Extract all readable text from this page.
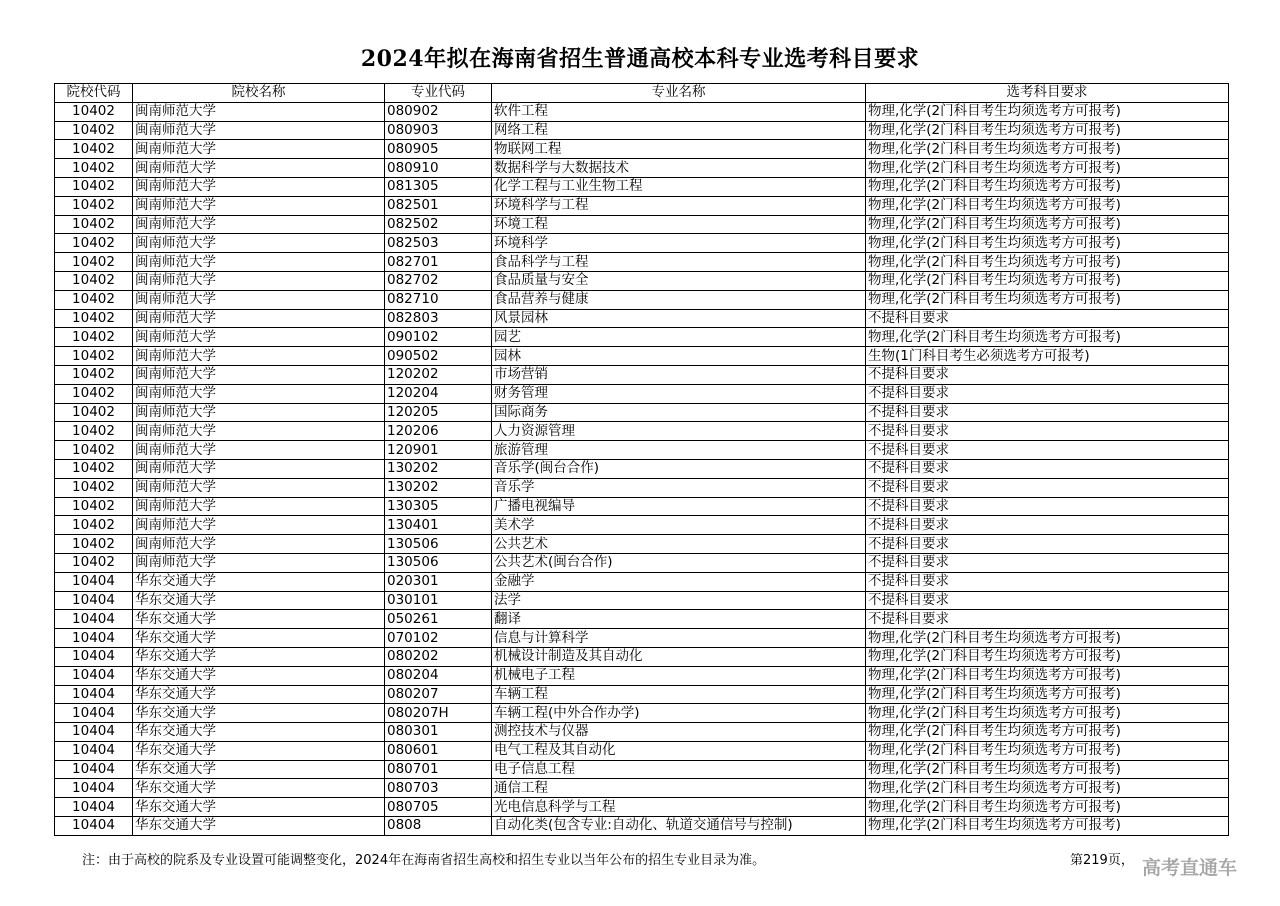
2024年拟在海南省招生普通高校本科专业选考科目要求
院校代码	院校名称	专业代码	专业名称	选考科目要求
10402	闽南师范大学	080902	软件工程	物理,化学(2门科目考生均须选考方可报考)
10402	闽南师范大学	080903	网络工程	物理,化学(2门科目考生均须选考方可报考)
10402	闽南师范大学	080905	物联网工程	物理,化学(2门科目考生均须选考方可报考)
10402	闽南师范大学	080910	数据科学与大数据技术	物理,化学(2门科目考生均须选考方可报考)
10402	闽南师范大学	081305	化学工程与工业生物工程	物理,化学(2门科目考生均须选考方可报考)
10402	闽南师范大学	082501	环境科学与工程	物理,化学(2门科目考生均须选考方可报考)
10402	闽南师范大学	082502	环境工程	物理,化学(2门科目考生均须选考方可报考)
10402	闽南师范大学	082503	环境科学	物理,化学(2门科目考生均须选考方可报考)
10402	闽南师范大学	082701	食品科学与工程	物理,化学(2门科目考生均须选考方可报考)
10402	闽南师范大学	082702	食品质量与安全	物理,化学(2门科目考生均须选考方可报考)
10402	闽南师范大学	082710	食品营养与健康	物理,化学(2门科目考生均须选考方可报考)
10402	闽南师范大学	082803	风景园林	不提科目要求
10402	闽南师范大学	090102	园艺	物理,化学(2门科目考生均须选考方可报考)
10402	闽南师范大学	090502	园林	生物(1门科目考生必须选考方可报考)
10402	闽南师范大学	120202	市场营销	不提科目要求
10402	闽南师范大学	120204	财务管理	不提科目要求
10402	闽南师范大学	120205	国际商务	不提科目要求
10402	闽南师范大学	120206	人力资源管理	不提科目要求
10402	闽南师范大学	120901	旅游管理	不提科目要求
10402	闽南师范大学	130202	音乐学(闽台合作)	不提科目要求
10402	闽南师范大学	130202	音乐学	不提科目要求
10402	闽南师范大学	130305	广播电视编导	不提科目要求
10402	闽南师范大学	130401	美术学	不提科目要求
10402	闽南师范大学	130506	公共艺术	不提科目要求
10402	闽南师范大学	130506	公共艺术(闽台合作)	不提科目要求
10404	华东交通大学	020301	金融学	不提科目要求
10404	华东交通大学	030101	法学	不提科目要求
10404	华东交通大学	050261	翻译	不提科目要求
10404	华东交通大学	070102	信息与计算科学	物理,化学(2门科目考生均须选考方可报考)
10404	华东交通大学	080202	机械设计制造及其自动化	物理,化学(2门科目考生均须选考方可报考)
10404	华东交通大学	080204	机械电子工程	物理,化学(2门科目考生均须选考方可报考)
10404	华东交通大学	080207	车辆工程	物理,化学(2门科目考生均须选考方可报考)
10404	华东交通大学	080207H	车辆工程(中外合作办学)	物理,化学(2门科目考生均须选考方可报考)
10404	华东交通大学	080301	测控技术与仪器	物理,化学(2门科目考生均须选考方可报考)
10404	华东交通大学	080601	电气工程及其自动化	物理,化学(2门科目考生均须选考方可报考)
10404	华东交通大学	080701	电子信息工程	物理,化学(2门科目考生均须选考方可报考)
10404	华东交通大学	080703	通信工程	物理,化学(2门科目考生均须选考方可报考)
10404	华东交通大学	080705	光电信息科学与工程	物理,化学(2门科目考生均须选考方可报考)
10404	华东交通大学	0808	自动化类(包含专业:自动化、轨道交通信号与控制)	物理,化学(2门科目考生均须选考方可报考)
注：由于高校的院系及专业设置可能调整变化，2024年在海南省招生高校和招生专业以当年公布的招生专业目录为准。	第219页， 高考直通车
